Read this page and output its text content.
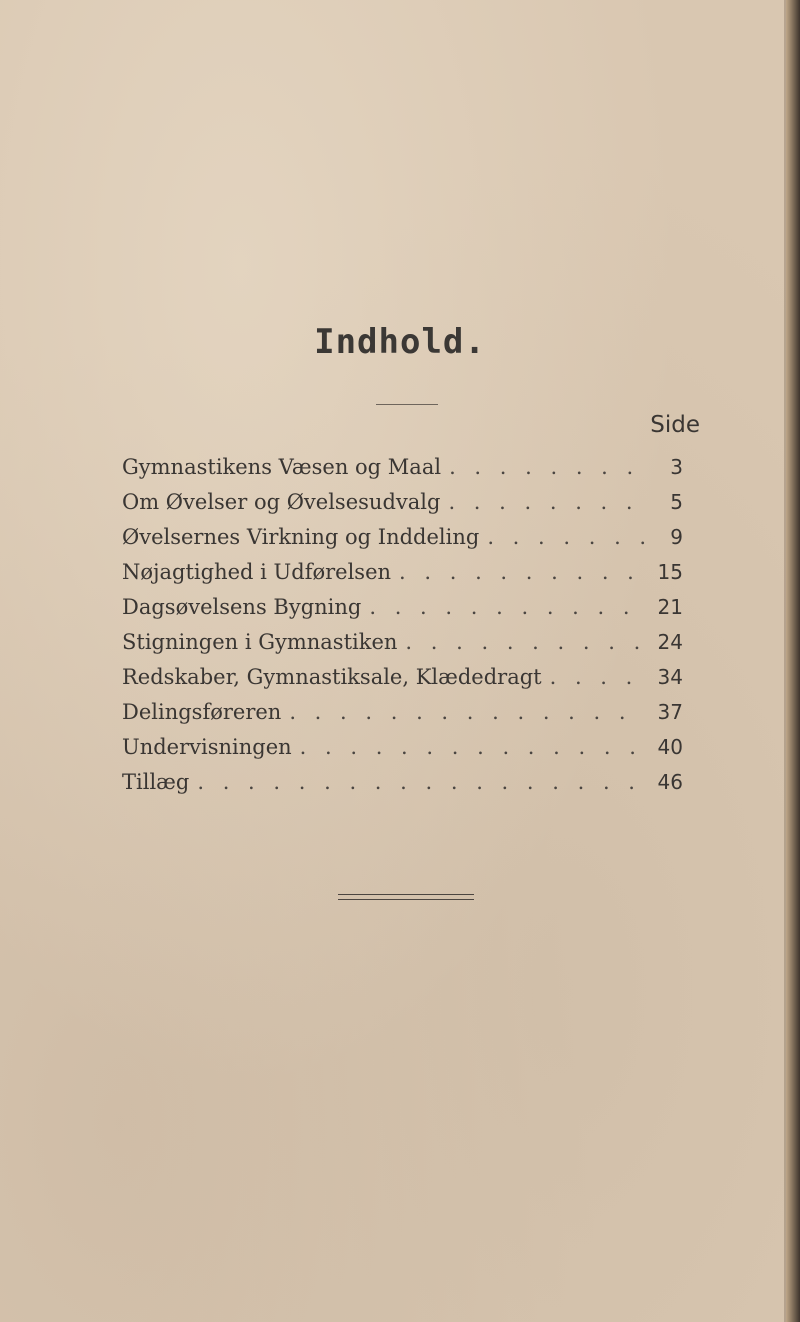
Indhold.
Side
Gymnastikens Væsen og Maal . . .	3
Om Øvelser og Øvelsesudvalg . . .	5
Øvelsernes Virkning og Inddeling . . .	9
Nøjagtighed i Udførelsen . . .	15
Dagsøvelsens Bygning . . .	21
Stigningen i Gymnastiken . . .	24
Redskaber, Gymnastiksale, Klædedragt . . .	34
Delingsføreren . . .	37
Undervisningen . . .	40
Tillæg . . .	46
